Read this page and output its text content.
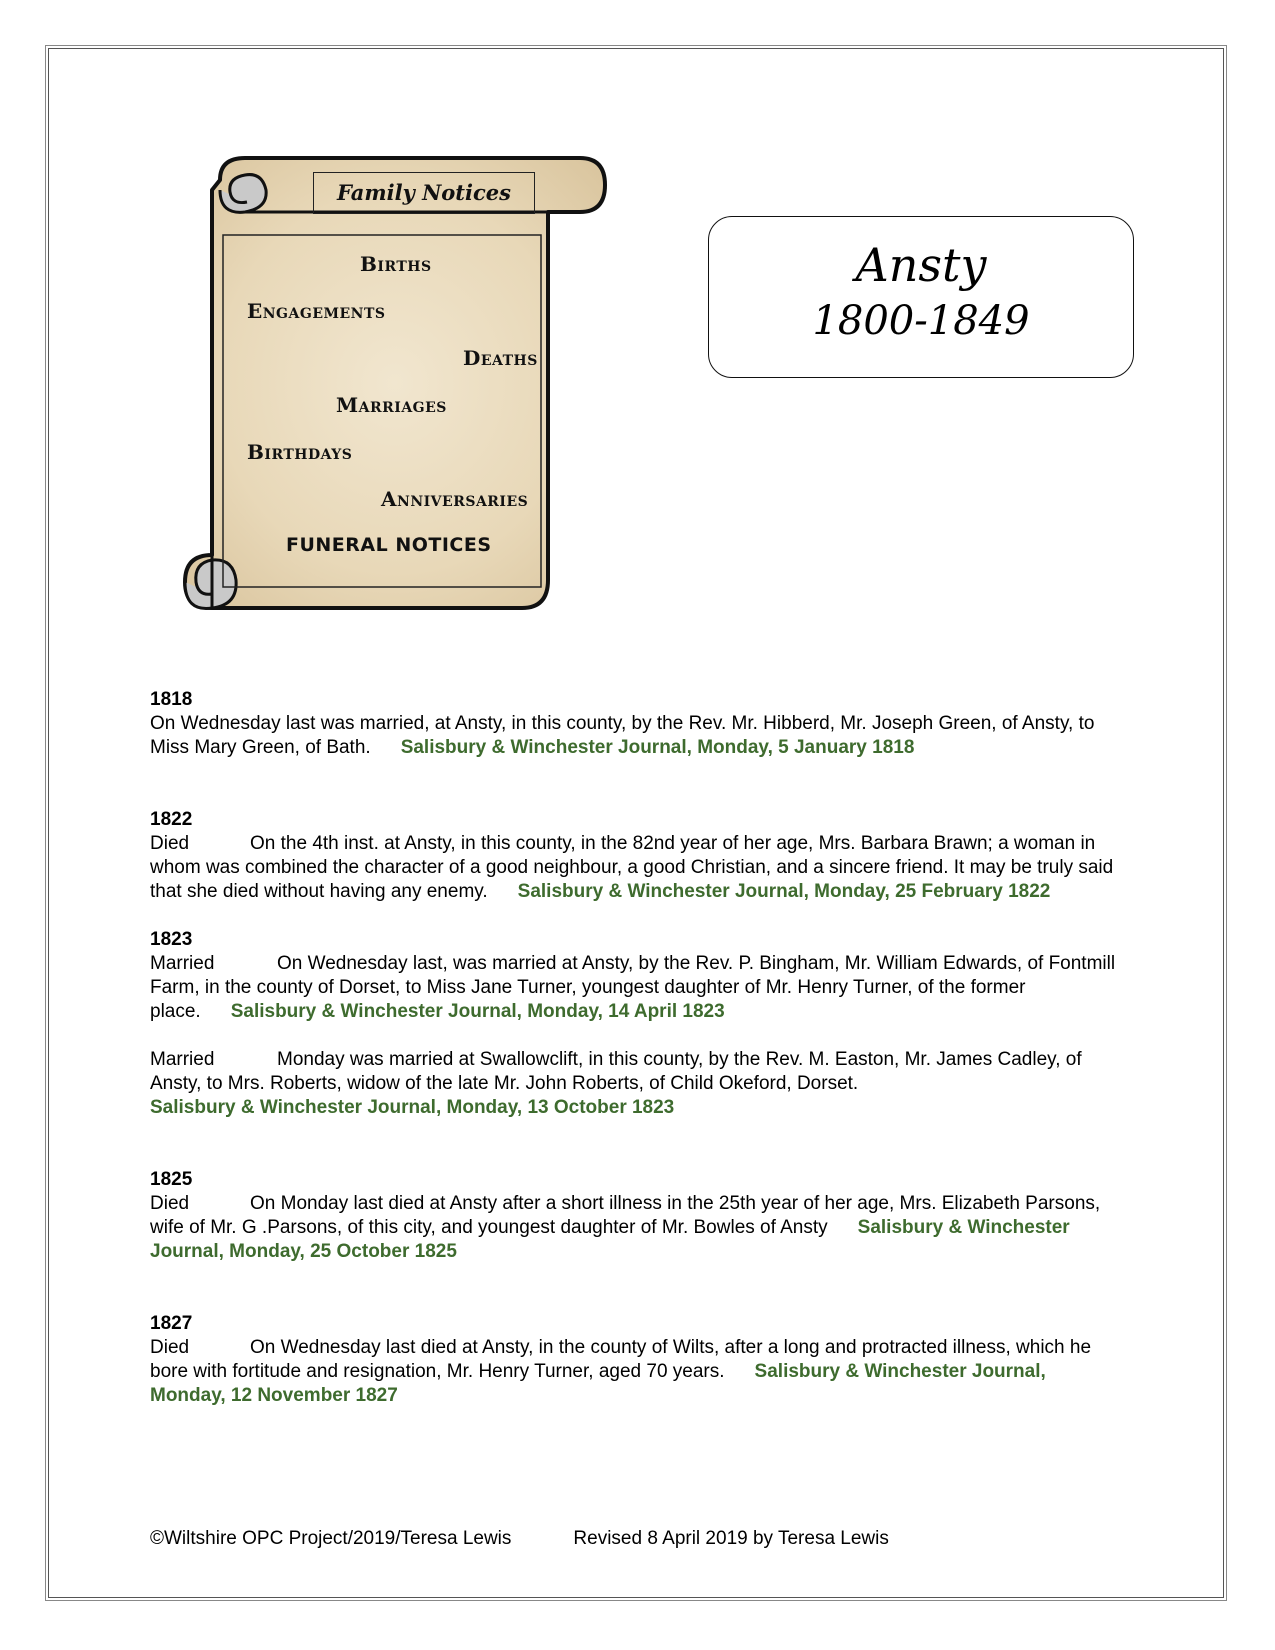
Family Notices
Births
Engagements
Deaths
Marriages
Birthdays
Anniversaries
FUNERAL NOTICES
Ansty
1800-1849
1818

On Wednesday last was married, at Ansty, in this county, by the Rev. Mr. Hibberd, Mr. Joseph Green, of Ansty, to Miss Mary Green, of Bath. Salisbury & Winchester Journal, Monday, 5 January 1818

1822

Died	On the 4th inst. at Ansty, in this county, in the 82nd year of her age, Mrs. Barbara Brawn; a woman in whom was combined the character of a good neighbour, a good Christian, and a sincere friend. It may be truly said that she died without having any enemy. Salisbury & Winchester Journal, Monday, 25 February 1822

1823

Married	On Wednesday last, was married at Ansty, by the Rev. P. Bingham, Mr. William Edwards, of Fontmill Farm, in the county of Dorset, to Miss Jane Turner, youngest daughter of Mr. Henry Turner, of the former place. Salisbury & Winchester Journal, Monday, 14 April 1823

Married	Monday was married at Swallowclift, in this county, by the Rev. M. Easton, Mr. James Cadley, of Ansty, to Mrs. Roberts, widow of the late Mr. John Roberts, of Child Okeford, Dorset.
Salisbury & Winchester Journal, Monday, 13 October 1823

1825

Died	On Monday last died at Ansty after a short illness in the 25th year of her age, Mrs. Elizabeth Parsons, wife of Mr. G .Parsons, of this city, and youngest daughter of Mr. Bowles of Ansty Salisbury & Winchester Journal, Monday, 25 October 1825

1827

Died	On Wednesday last died at Ansty, in the county of Wilts, after a long and protracted illness, which he bore with fortitude and resignation, Mr. Henry Turner, aged 70 years. Salisbury & Winchester Journal, Monday, 12 November 1827

©Wiltshire OPC Project/2019/Teresa Lewis	Revised 8 April 2019 by Teresa Lewis
